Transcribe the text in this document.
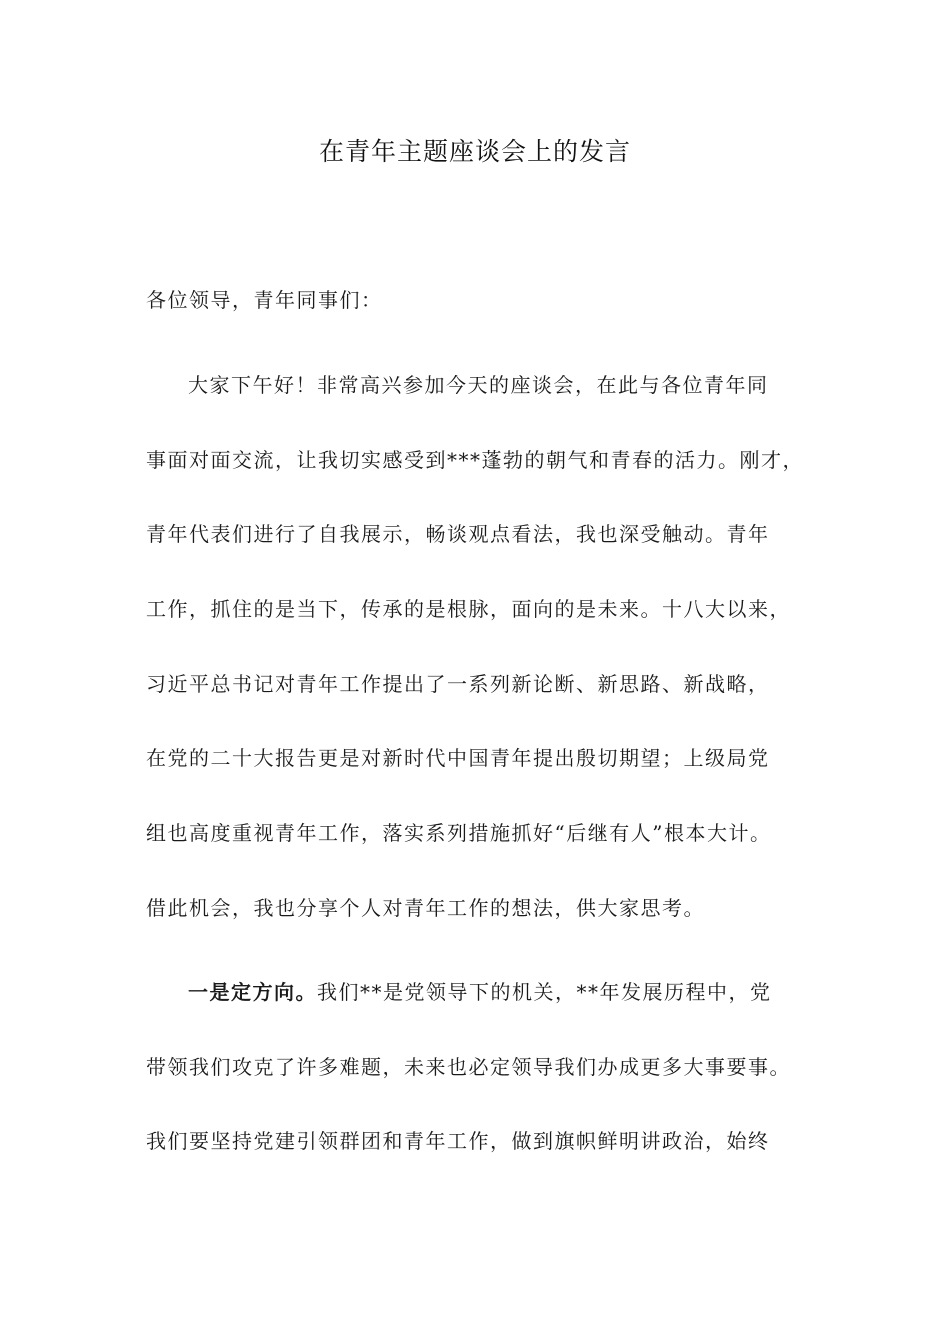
在青年主题座谈会上的发言
各位领导，青年同事们：
大家下午好！非常高兴参加今天的座谈会，在此与各位青年同
事面对面交流，让我切实感受到***蓬勃的朝气和青春的活力。刚才，
青年代表们进行了自我展示，畅谈观点看法，我也深受触动。青年
工作，抓住的是当下，传承的是根脉，面向的是未来。十八大以来，
习近平总书记对青年工作提出了一系列新论断、新思路、新战略，
在党的二十大报告更是对新时代中国青年提出殷切期望；上级局党
组也高度重视青年工作，落实系列措施抓好“后继有人”根本大计。
借此机会，我也分享个人对青年工作的想法，供大家思考。
一是定方向。我们**是党领导下的机关，**年发展历程中，党
带领我们攻克了许多难题，未来也必定领导我们办成更多大事要事。
我们要坚持党建引领群团和青年工作，做到旗帜鲜明讲政治，始终
